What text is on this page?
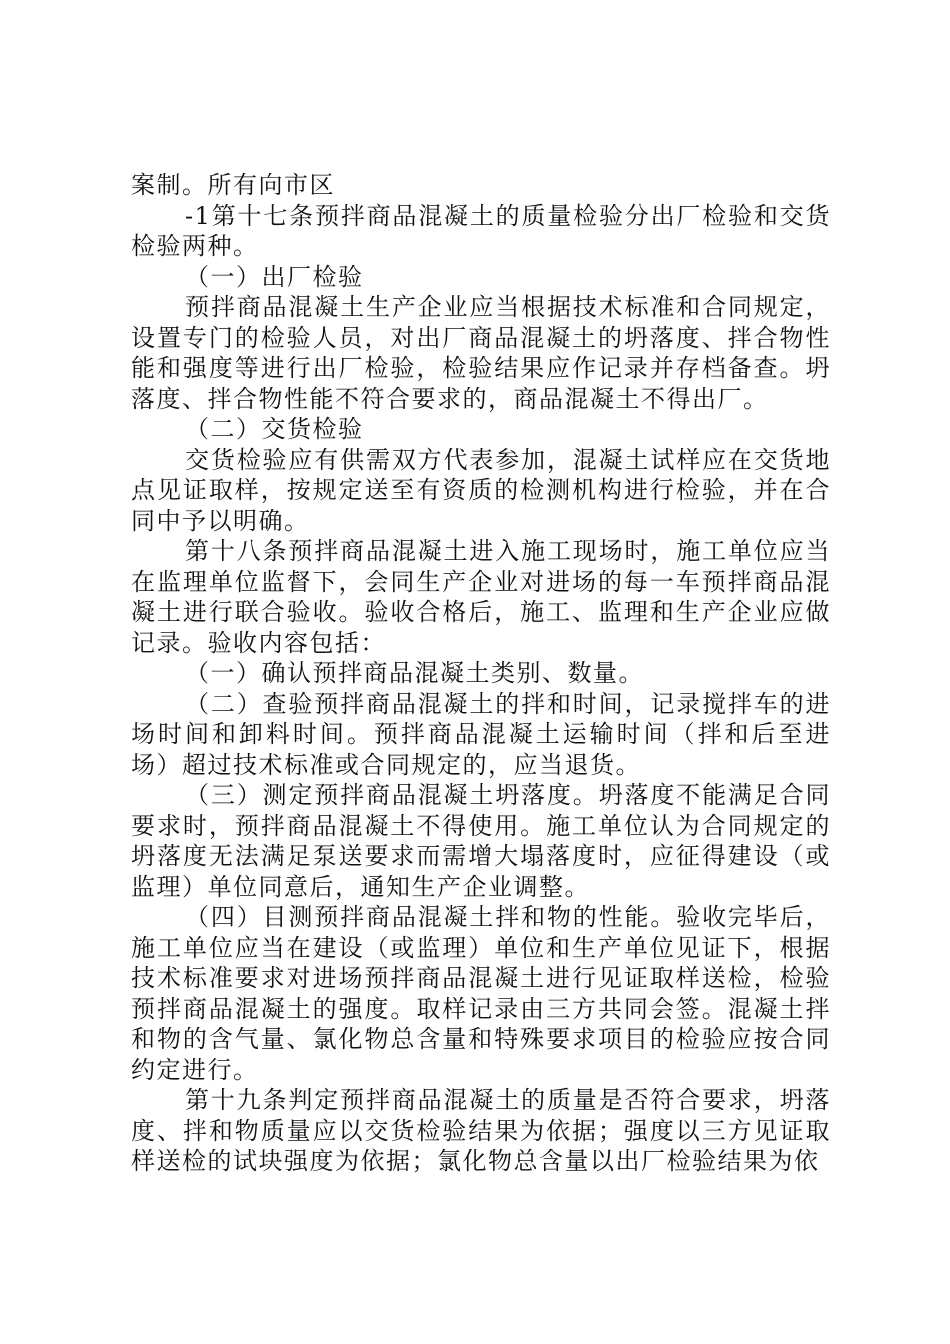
案制。所有向市区

-1第十七条预拌商品混凝土的质量检验分出厂检验和交货检验两种。

（一）出厂检验

预拌商品混凝土生产企业应当根据技术标准和合同规定，设置专门的检验人员，对出厂商品混凝土的坍落度、拌合物性能和强度等进行出厂检验，检验结果应作记录并存档备查。坍落度、拌合物性能不符合要求的，商品混凝土不得出厂。

（二）交货检验

交货检验应有供需双方代表参加，混凝土试样应在交货地点见证取样，按规定送至有资质的检测机构进行检验，并在合同中予以明确。

第十八条预拌商品混凝土进入施工现场时，施工单位应当在监理单位监督下，会同生产企业对进场的每一车预拌商品混凝土进行联合验收。验收合格后，施工、监理和生产企业应做记录。验收内容包括：

（一）确认预拌商品混凝土类别、数量。

（二）查验预拌商品混凝土的拌和时间，记录搅拌车的进场时间和卸料时间。预拌商品混凝土运输时间（拌和后至进场）超过技术标准或合同规定的，应当退货。

（三）测定预拌商品混凝土坍落度。坍落度不能满足合同要求时，预拌商品混凝土不得使用。施工单位认为合同规定的坍落度无法满足泵送要求而需增大塌落度时，应征得建设（或监理）单位同意后，通知生产企业调整。

（四）目测预拌商品混凝土拌和物的性能。验收完毕后，施工单位应当在建设（或监理）单位和生产单位见证下，根据技术标准要求对进场预拌商品混凝土进行见证取样送检，检验预拌商品混凝土的强度。取样记录由三方共同会签。混凝土拌和物的含气量、氯化物总含量和特殊要求项目的检验应按合同约定进行。

第十九条判定预拌商品混凝土的质量是否符合要求，坍落度、拌和物质量应以交货检验结果为依据；强度以三方见证取样送检的试块强度为依据；氯化物总含量以出厂检验结果为依
